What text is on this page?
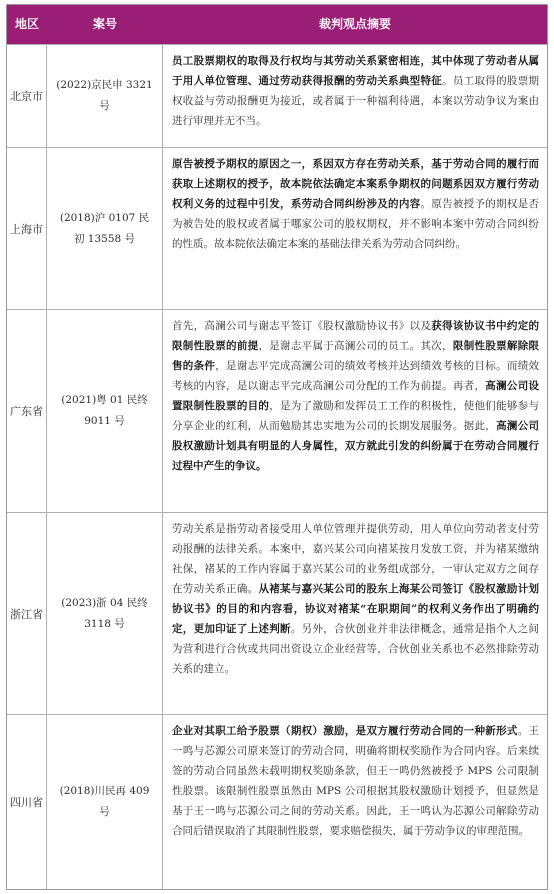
地区	案号	裁判观点摘要
北京市
(2022)京民申 3321 号
员工股票期权的取得及行权均与其劳动关系紧密相连，其中体现了劳动者从属于用人单位管理、通过劳动获得报酬的劳动关系典型特征。员工取得的股票期权收益与劳动报酬更为接近，或者属于一种福利待遇，本案以劳动争议为案由进行审理并无不当。
上海市
(2018)沪 0107 民初 13558 号
原告被授予期权的原因之一，系因双方存在劳动关系，基于劳动合同的履行而获取上述期权的授予，故本院依法确定本案系争期权的问题系因双方履行劳动权利义务的过程中引发，系劳动合同纠纷涉及的内容。原告被授予的期权是否为被告处的股权或者属于哪家公司的股权期权，并不影响本案中劳动合同纠纷的性质。故本院依法确定本案的基础法律关系为劳动合同纠纷。
广东省
(2021)粤 01 民终 9011 号
首先，高澜公司与谢志平签订《股权激励协议书》以及获得该协议书中约定的限制性股票的前提，是谢志平属于高澜公司的员工。其次，限制性股票解除限售的条件，是谢志平完成高澜公司的绩效考核并达到绩效考核的目标。而绩效考核的内容，是以谢志平完成高澜公司分配的工作为前提。再者，高澜公司设置限制性股票的目的，是为了激励和发挥员工工作的积极性，使他们能够参与分享企业的红利，从而勉励其忠实地为公司的长期发展服务。据此，高澜公司股权激励计划具有明显的人身属性，双方就此引发的纠纷属于在劳动合同履行过程中产生的争议。
浙江省
(2023)浙 04 民终 3118 号
劳动关系是指劳动者接受用人单位管理并提供劳动，用人单位向劳动者支付劳动报酬的法律关系。本案中，嘉兴某公司向褚某按月发放工资，并为褚某缴纳社保，褚某的工作内容属于嘉兴某公司的业务组成部分，一审认定双方之间存在劳动关系正确。从褚某与嘉兴某公司的股东上海某公司签订《股权激励计划协议书》的目的和内容看，协议对褚某“在职期间”的权利义务作出了明确约定，更加印证了上述判断。另外，合伙创业并非法律概念，通常是指个人之间为营利进行合伙或共同出资设立企业经营等，合伙创业关系也不必然排除劳动关系的建立。
四川省
(2018)川民再 409 号
企业对其职工给予股票（期权）激励，是双方履行劳动合同的一种新形式。王一鸣与芯源公司原来签订的劳动合同，明确将期权奖励作为合同内容。后来续签的劳动合同虽然未载明期权奖励条款，但王一鸣仍然被授予 MPS 公司限制性股票。该限制性股票虽然由 MPS 公司根据其股权激励计划授予，但显然是基于王一鸣与芯源公司之间的劳动关系。因此，王一鸣认为芯源公司解除劳动合同后错误取消了其限制性股票，要求赔偿损失，属于劳动争议的审理范围。
